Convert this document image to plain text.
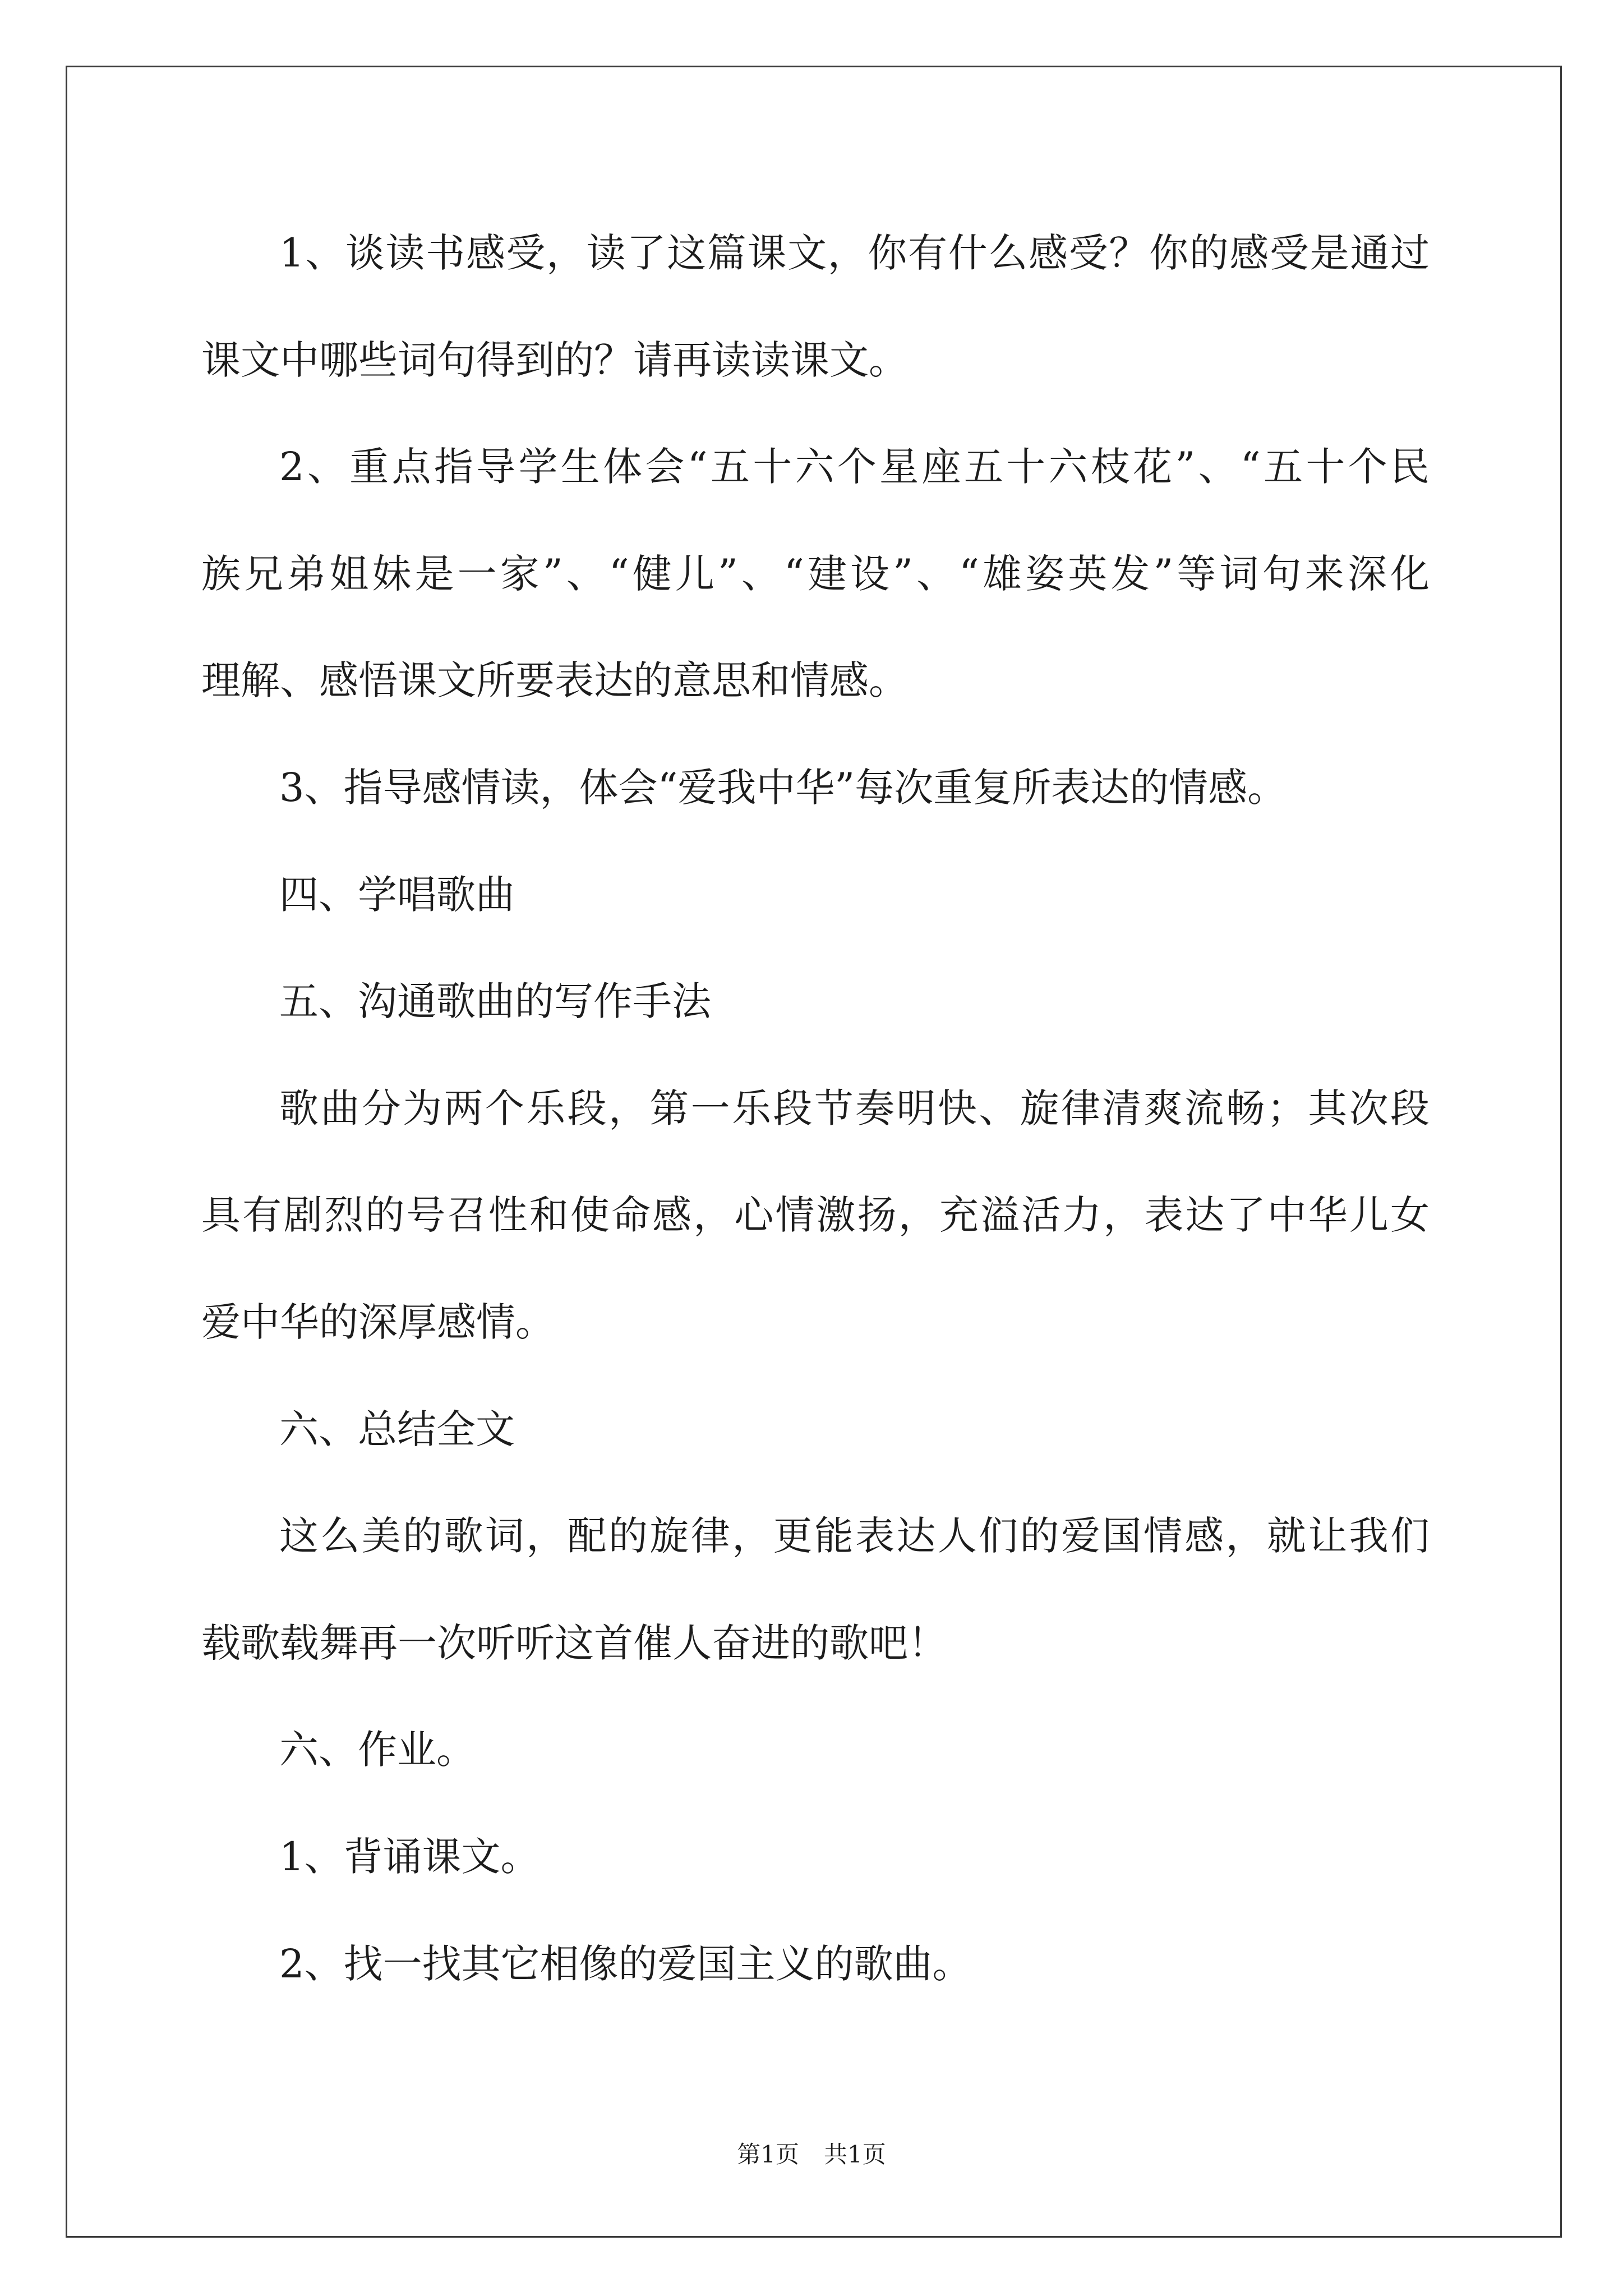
1、谈读书感受，读了这篇课文，你有什么感受？你的感受是通过
课文中哪些词句得到的？请再读读课文。
2、重点指导学生体会“五十六个星座五十六枝花”、“五十个民
族兄弟姐妹是一家”、“健儿”、“建设”、“雄姿英发”等词句来深化
理解、感悟课文所要表达的意思和情感。
3、指导感情读，体会“爱我中华”每次重复所表达的情感。
四、学唱歌曲
五、沟通歌曲的写作手法
歌曲分为两个乐段，第一乐段节奏明快、旋律清爽流畅；其次段
具有剧烈的号召性和使命感，心情激扬，充溢活力，表达了中华儿女
爱中华的深厚感情。
六、总结全文
这么美的歌词，配的旋律，更能表达人们的爱国情感，就让我们
载歌载舞再一次听听这首催人奋进的歌吧！
六、作业。
1、背诵课文。
2、找一找其它相像的爱国主义的歌曲。
第1页 共1页
